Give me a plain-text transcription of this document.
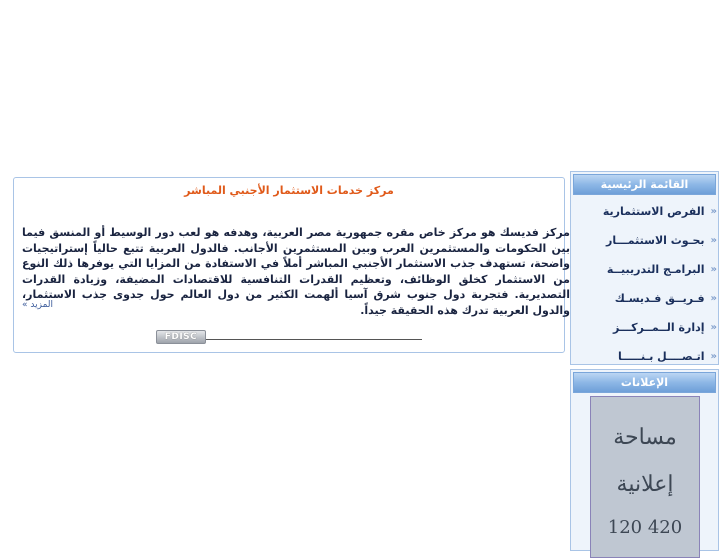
القائمة الرئيسية
«
الفرص الاستثمارية
«
بحـوث الاستثمـــار
«
البرامـج التدريبيــة
«
فـريــق فـديسـك
«
إدارة الــمــركـــز
«
اتـصــــل بـنـــــا
الإعلانات
مساحة
إعلانية
120 420
مركز خدمات الاستثمار الأجنبي المباشر
مركز فديسك هو مركز خاص مقره جمهورية مصر العربية، وهدفه هو لعب دور الوسيط أو المنسق فيما بين الحكومات والمستثمرين العرب وبين المستثمرين الأجانب. فالدول العربية تتبع حالياً إستراتيجيات واضحة، تستهدف جذب الاستثمار الأجنبي المباشر أملاً في الاستفادة من المزايا التي يوفرها ذلك النوع من الاستثمار كخلق الوظائف، وتعظيم القدرات التنافسية للاقتصادات المضيفة، وزيادة القدرات التصديرية. فتجربة دول جنوب شرق آسيا ألهمت الكثير من دول العالم حول جدوى جذب الاستثمار، والدول العربية تدرك هذه الحقيقة جيداً.
المزيد »
FDISC
